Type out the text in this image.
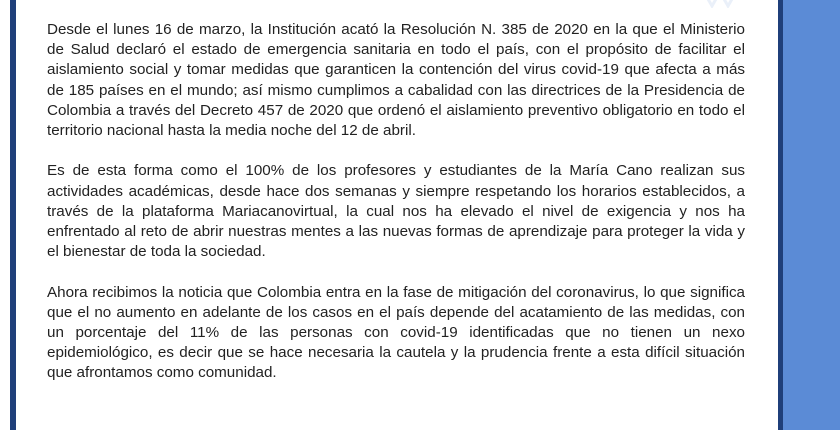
Desde el lunes 16 de marzo, la Institución acató la Resolución N. 385 de 2020 en la que el Ministerio de Salud declaró el estado de emergencia sanitaria en todo el país, con el propósito de facilitar el aislamiento social y tomar medidas que garanticen la contención del virus covid-19 que afecta a más de 185 países en el mundo; así mismo cumplimos a cabalidad con las directrices de la Presidencia de Colombia a través del Decreto 457 de 2020 que ordenó el aislamiento preventivo obligatorio en todo el territorio nacional hasta la media noche del 12 de abril.

Es de esta forma como el 100% de los profesores y estudiantes de la María Cano realizan sus actividades académicas, desde hace dos semanas y siempre respetando los horarios establecidos, a través de la plataforma Mariacanovirtual, la cual nos ha elevado el nivel de exigencia y nos ha enfrentado al reto de abrir nuestras mentes a las nuevas formas de aprendizaje para proteger la vida y el bienestar de toda la sociedad.

Ahora recibimos la noticia que Colombia entra en la fase de mitigación del coronavirus, lo que significa que el no aumento en adelante de los casos en el país depende del acatamiento de las medidas, con un porcentaje del 11% de las personas con covid-19 identificadas que no tienen un nexo epidemiológico, es decir que se hace necesaria la cautela y la prudencia frente a esta difícil situación que afrontamos como comunidad.
